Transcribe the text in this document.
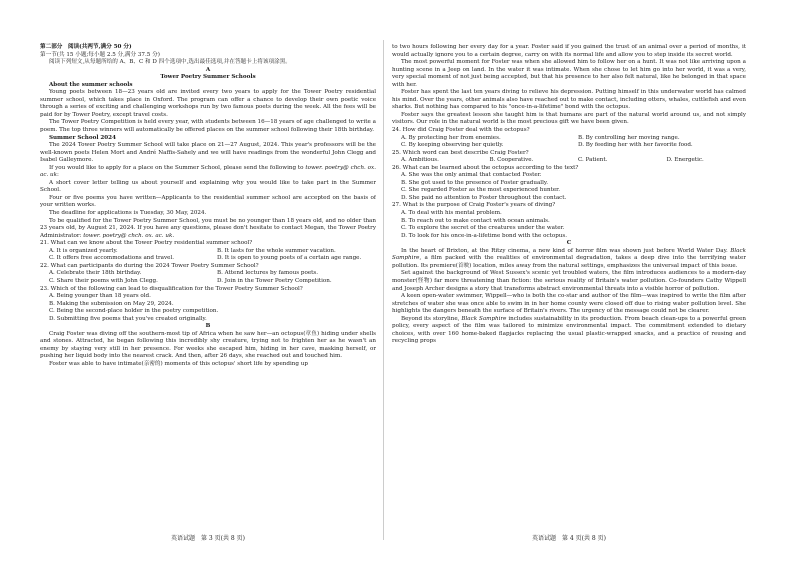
第二部分　阅读(共两节,满分 50 分)
第一节(共 15 小题;每小题 2.5 分,满分 37.5 分)
阅读下列短文,从每题所给的 A、B、C 和 D 四个选项中,选出最佳选项,并在答题卡上将该项涂黑。
A
Tower Poetry Summer Schools
About the summer schools

Young poets between 18—23 years old are invited every two years to apply for the Tower Poetry residential summer school, which takes place in Oxford. The program can offer a chance to develop their own poetic voice through a series of exciting and challenging workshops run by two famous poets during the week. All the fees will be paid for by Tower Poetry, except travel costs.

The Tower Poetry Competition is held every year, with students between 16—18 years of age challenged to write a poem. The top three winners will automatically be offered places on the summer school following their 18th birthday.

Summer School 2024

The 2024 Tower Poetry Summer School will take place on 21—27 August, 2024. This year's professors will be the well-known poets Helen Mort and André Naffis-Sahely and we will have readings from the wonderful John Clegg and Isabel Galleymore.

If you would like to apply for a place on the Summer School, please send the following to tower. poetry@ chch. ox. ac. uk:

A short cover letter telling us about yourself and explaining why you would like to take part in the Summer School.

Four or five poems you have written—Applicants to the residential summer school are accepted on the basis of your written works.

The deadline for applications is Tuesday, 30 May, 2024.

To be qualified for the Tower Poetry Summer School, you must be no younger than 18 years old, and no older than 23 years old, by August 21, 2024. If you have any questions, please don't hesitate to contact Megan, the Tower Poetry Administrator: tower. poetry@ chch. ox. ac. uk.

21. What can we know about the Tower Poetry residential summer school?
A. It is organized yearly.	B. It lasts for the whole summer vacation.
C. It offers free accommodations and travel.	D. It is open to young poets of a certain age range.
22. What can participants do during the 2024 Tower Poetry Summer School?
A. Celebrate their 18th birthday.	B. Attend lectures by famous poets.
C. Share their poems with John Clegg.	D. Join in the Tower Poetry Competition.
23. Which of the following can lead to disqualification for the Tower Poetry Summer School?
A. Being younger than 18 years old.
B. Making the submission on May 29, 2024.
C. Being the second-place holder in the poetry competition.
D. Submitting five poems that you've created originally.
B

Craig Foster was diving off the southern-most tip of Africa when he saw her—an octopus(章鱼) hiding under shells and stones. Attracted, he began following this incredibly shy creature, trying not to frighten her as he wasn't an enemy by staying very still in her presence. For weeks she escaped him, hiding in her cave, masking herself, or pushing her liquid body into the nearest crack. And then, after 26 days, she reached out and touched him.

Foster was able to have intimate(亲密的) moments of this octopus' short life by spending up

英语试题　第 3 页(共 8 页)

to two hours following her every day for a year. Foster said if you gained the trust of an animal over a period of months, it would actually ignore you to a certain degree, carry on with its normal life and allow you to step inside its secret world.

The most powerful moment for Foster was when she allowed him to follow her on a hunt. It was not like arriving upon a hunting scene in a Jeep on land. In the water it was intimate. When she chose to let him go into her world, it was a very, very special moment of not just being accepted, but that his presence to her also felt natural, like he belonged in that space with her.

Foster has spent the last ten years diving to relieve his depression. Putting himself in this underwater world has calmed his mind. Over the years, other animals also have reached out to make contact, including otters, whales, cuttlefish and even sharks. But nothing has compared to his "once-in-a-lifetime" bond with the octopus.

Foster says the greatest lesson she taught him is that humans are part of the natural world around us, and not simply visitors. Our role in the natural world is the most precious gift we have been given.

24. How did Craig Foster deal with the octopus?
A. By protecting her from enemies.	B. By controlling her moving range.
C. By keeping observing her quietly.	D. By feeding her with her favorite food.
25. Which word can best describe Craig Foster?
A. Ambitious.	B. Cooperative.	C. Patient.	D. Energetic.
26. What can be learned about the octopus according to the text?
A. She was the only animal that contacted Foster.
B. She got used to the presence of Foster gradually.
C. She regarded Foster as the most experienced hunter.
D. She paid no attention to Foster throughout the contact.
27. What is the purpose of Craig Foster's years of diving?
A. To deal with his mental problem.
B. To reach out to make contact with ocean animals.
C. To explore the secret of the creatures under the water.
D. To look for his once-in-a-lifetime bond with the octopus.
C

In the heart of Brixton, at the Ritzy cinema, a new kind of horror film was shown just before World Water Day. Black Samphire, a film packed with the realities of environmental degradation, takes a deep dive into the terrifying water pollution. Its premiere(首映) location, miles away from the natural settings, emphasizes the universal impact of this issue.

Set against the background of West Sussex's scenic yet troubled waters, the film introduces audiences to a modern-day monster(怪物) far more threatening than fiction: the serious reality of Britain's water pollution. Co-founders Cathy Wippell and Joseph Archer designs a story that transforms abstract environmental threats into a visible horror of pollution.

A keen open-water swimmer, Wippell—who is both the co-star and author of the film—was inspired to write the film after stretches of water she was once able to swim in in her home county were closed off due to rising water pollution level. She highlights the dangers beneath the surface of Britain's rivers. The urgency of the message could not be clearer.

Beyond its storyline, Black Samphire includes sustainability in its production. From beach clean-ups to a powerful green policy, every aspect of the film was tailored to minimize environmental impact. The commitment extended to dietary choices, with over 160 home-baked flapjacks replacing the usual plastic-wrapped snacks, and a practice of reusing and recycling props

英语试题　第 4 页(共 8 页)
